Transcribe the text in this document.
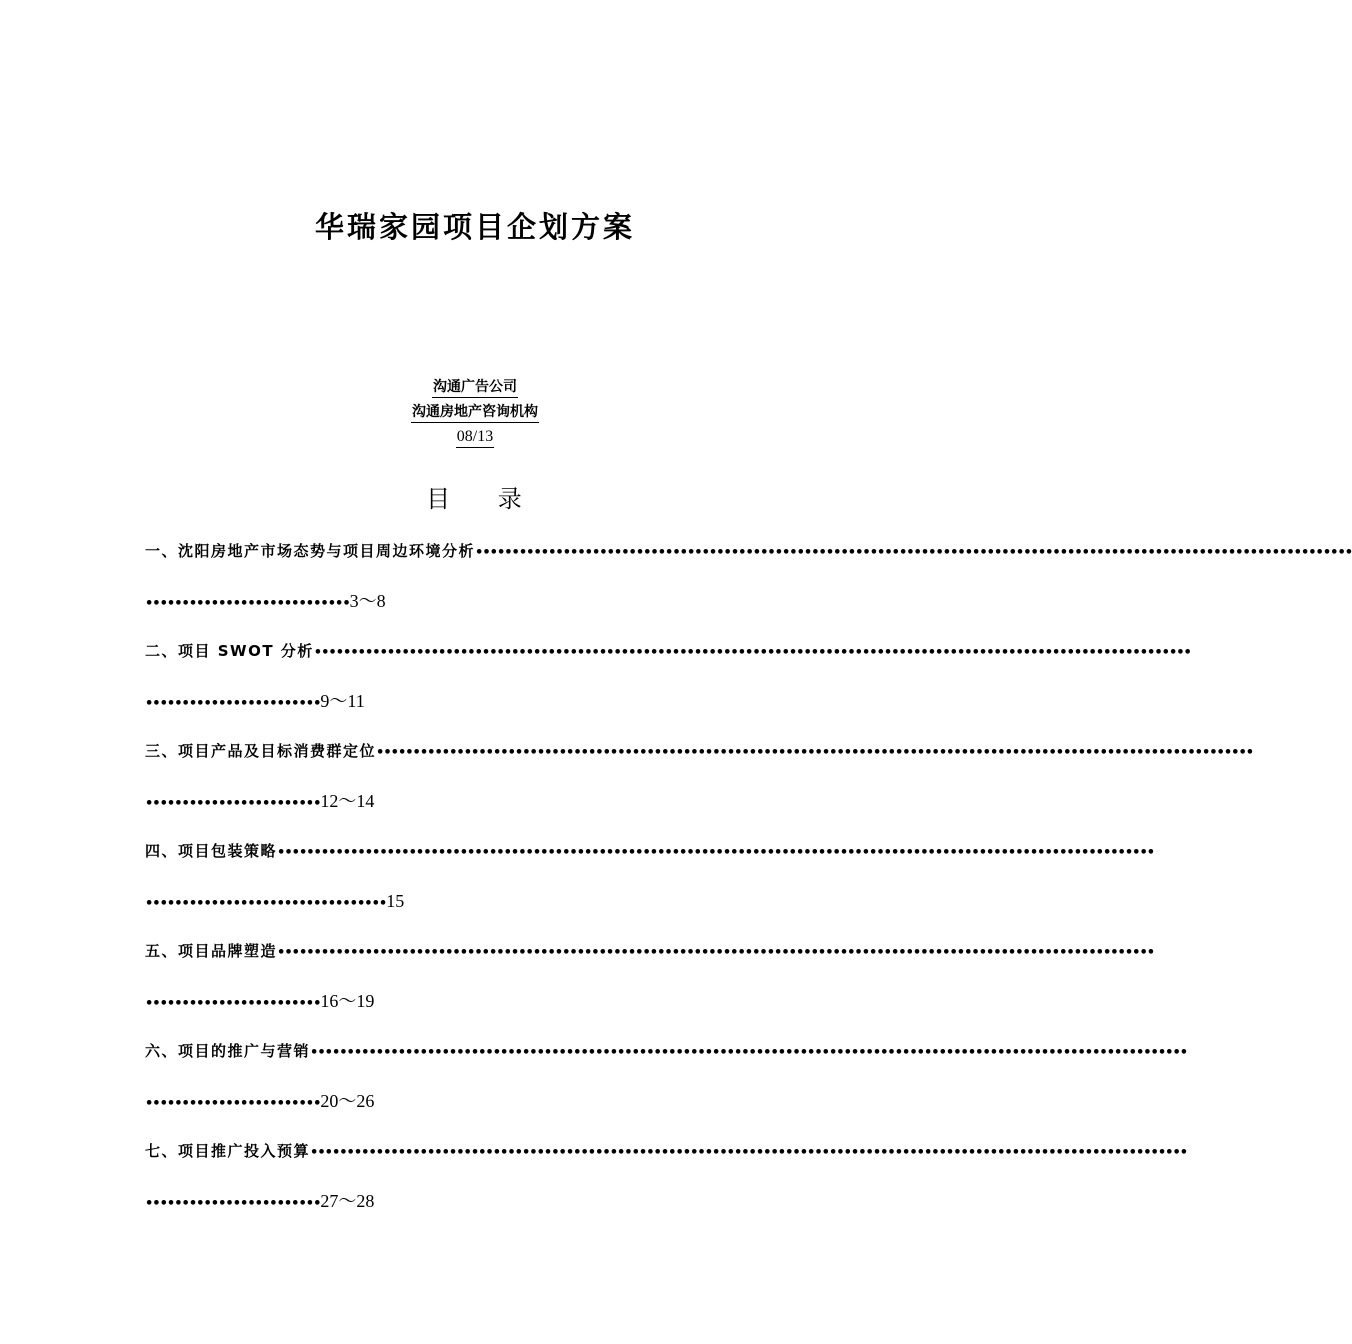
华瑞家园项目企划方案
沟通广告公司
沟通房地产咨询机构
08/13
目 录
一、沈阳房地产市场态势与项目周边环境分析 ••••••••••••••••••••••••••••••••••••••••••••••••••••••••••••••••••••••••••••••••••••••••••••••••••••••••••••••••••••••••
••••••••••••••••••••••••••••3～8
二、项目 SWOT 分析 ••••••••••••••••••••••••••••••••••••••••••••••••••••••••••••••••••••••••••••••••••••••••••••••••••••••••••••••••••••••••
••••••••••••••••••••••••9～11
三、项目产品及目标消费群定位 ••••••••••••••••••••••••••••••••••••••••••••••••••••••••••••••••••••••••••••••••••••••••••••••••••••••••••••••••••••••••
••••••••••••••••••••••••12～14
四、项目包装策略 ••••••••••••••••••••••••••••••••••••••••••••••••••••••••••••••••••••••••••••••••••••••••••••••••••••••••••••••••••••••••
•••••••••••••••••••••••••••••••••15
五、项目品牌塑造 ••••••••••••••••••••••••••••••••••••••••••••••••••••••••••••••••••••••••••••••••••••••••••••••••••••••••••••••••••••••••
••••••••••••••••••••••••16～19
六、项目的推广与营销 ••••••••••••••••••••••••••••••••••••••••••••••••••••••••••••••••••••••••••••••••••••••••••••••••••••••••••••••••••••••••
••••••••••••••••••••••••20～26
七、项目推广投入预算 ••••••••••••••••••••••••••••••••••••••••••••••••••••••••••••••••••••••••••••••••••••••••••••••••••••••••••••••••••••••••
••••••••••••••••••••••••27～28
